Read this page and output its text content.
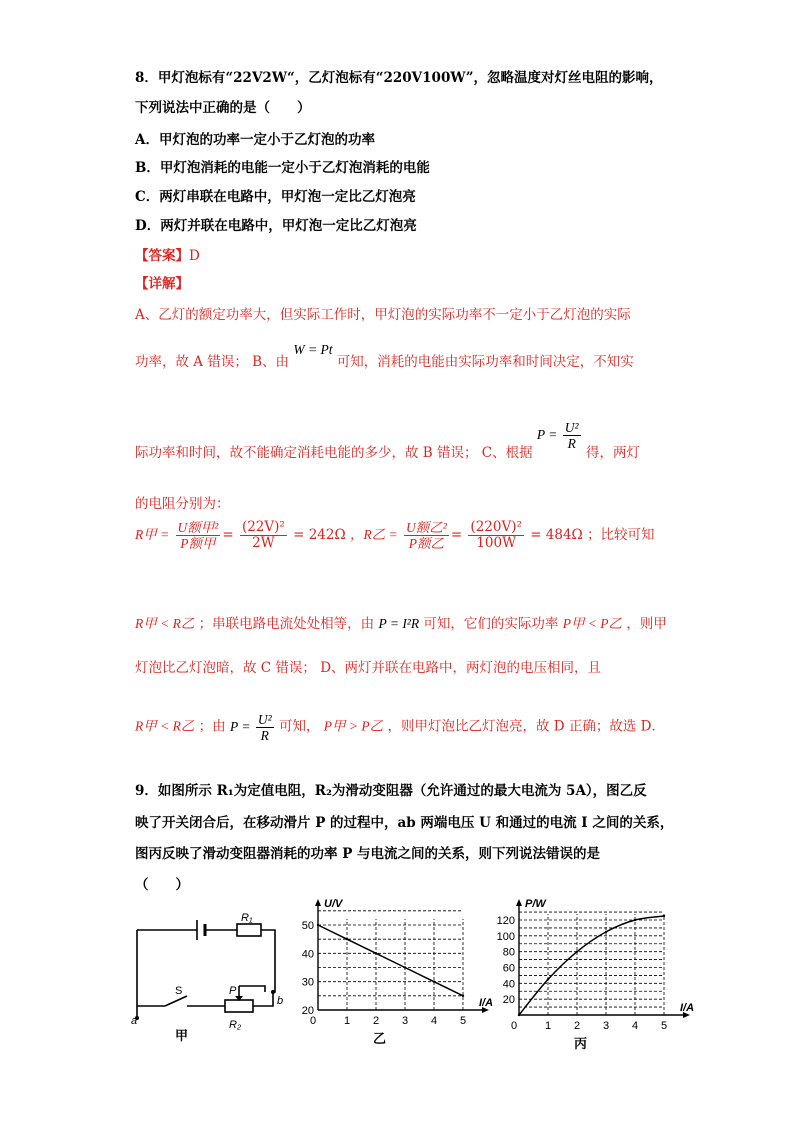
8．甲灯泡标有“22V2W“，乙灯泡标有“220V100W”，忽略温度对灯丝电阻的影响，
下列说法中正确的是（　　）
A．甲灯泡的功率一定小于乙灯泡的功率
B．甲灯泡消耗的电能一定小于乙灯泡消耗的电能
C．两灯串联在电路中，甲灯泡一定比乙灯泡亮
D．两灯并联在电路中，甲灯泡一定比乙灯泡亮
【答案】D
【详解】
A、乙灯的额定功率大，但实际工作时，甲灯泡的实际功率不一定小于乙灯泡的实际
功率，故 A 错误； B、由 W = Pt 可知，消耗的电能由实际功率和时间决定，不知实
际功率和时间，故不能确定消耗电能的多少，故 B 错误； C、根据 $P = \frac{\text{U²}}{R}$
得，两灯
的电阻分别为：
R甲 = $\frac{\text{U额甲²}}{\text{P额甲}} = \frac{\text{(22V)²}}{2W} = 242\Omega$ ，R乙 = $\frac{\text{U额乙²}}{\text{P额乙}} = \frac{\text{(220V)²}}{100W} = 484\Omega$ ；比较可知
R甲 < R乙 ；串联电路电流处处相等，由 P = I²R 可知，它们的实际功率 P甲 < P乙 ，则甲
灯泡比乙灯泡暗，故 C 错误； D、两灯并联在电路中，两灯泡的电压相同，且
R甲 < R乙 ；由 $P = \frac{\text{U²}}{R}$ 可知， P甲 > P乙 ，则甲灯泡比乙灯泡亮，故 D 正确；故选 D．
9．如图所示 R₁为定值电阻，R₂为滑动变阻器（允许通过的最大电流为 5A），图乙反
映了开关闭合后，在移动滑片 P 的过程中，ab 两端电压 U 和通过的电流 I 之间的关系，
图丙反映了滑动变阻器消耗的功率 P 与电流之间的关系，则下列说法错误的是
（　　）
R₁
R₂
S	P
a
b
甲
0	1 2 3 4 5
20
30
40
50
I/A
U/V
乙
0	1 2 3 4 5
20
40
60
80
100
120
I/A
P/W
丙
